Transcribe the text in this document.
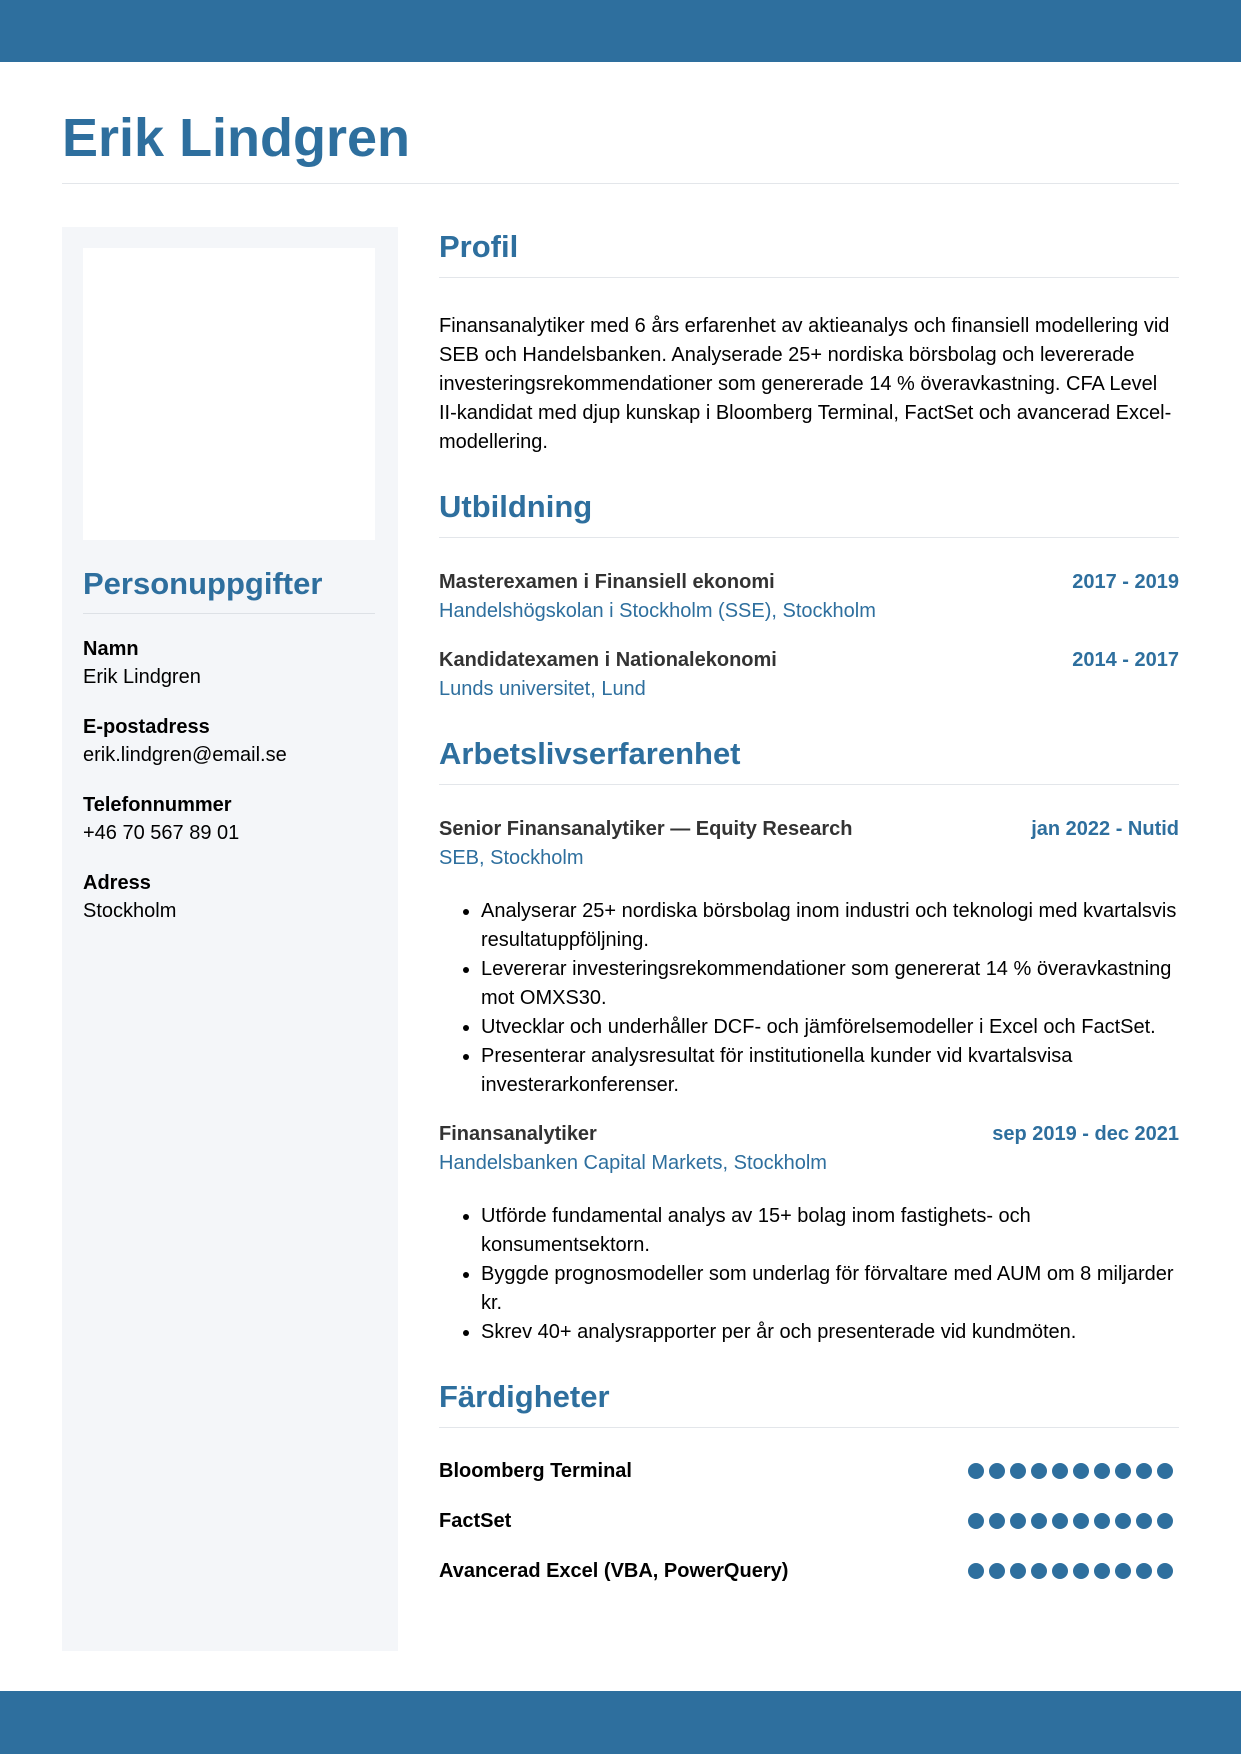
Erik Lindgren
Personuppgifter
Namn
Erik Lindgren
E-postadress
erik.lindgren@email.se
Telefonnummer
+46 70 567 89 01
Adress
Stockholm
Profil

Finansanalytiker med 6 års erfarenhet av aktieanalys och finansiell modellering vid SEB och Handelsbanken. Analyserade 25+ nordiska börsbolag och levererade investeringsrekommendationer som genererade 14 % överavkastning. CFA Level II-kandidat med djup kunskap i Bloomberg Terminal, FactSet och avancerad Excel-modellering.

Utbildning
Masterexamen i Finansiell ekonomi	2017 - 2019
Handelshögskolan i Stockholm (SSE), Stockholm
Kandidatexamen i Nationalekonomi	2014 - 2017
Lunds universitet, Lund
Arbetslivserfarenhet
Senior Finansanalytiker — Equity Research	jan 2022 - Nutid
SEB, Stockholm
• Analyserar 25+ nordiska börsbolag inom industri och teknologi med kvartalsvis resultatuppföljning.
• Levererar investeringsrekommendationer som genererat 14 % överavkastning mot OMXS30.
• Utvecklar och underhåller DCF- och jämförelsemodeller i Excel och FactSet.
• Presenterar analysresultat för institutionella kunder vid kvartalsvisa investerarkonferenser.
Finansanalytiker	sep 2019 - dec 2021
Handelsbanken Capital Markets, Stockholm
• Utförde fundamental analys av 15+ bolag inom fastighets- och konsumentsektorn.
• Byggde prognosmodeller som underlag för förvaltare med AUM om 8 miljarder kr.
• Skrev 40+ analysrapporter per år och presenterade vid kundmöten.
Färdigheter
Bloomberg Terminal
FactSet
Avancerad Excel (VBA, PowerQuery)
